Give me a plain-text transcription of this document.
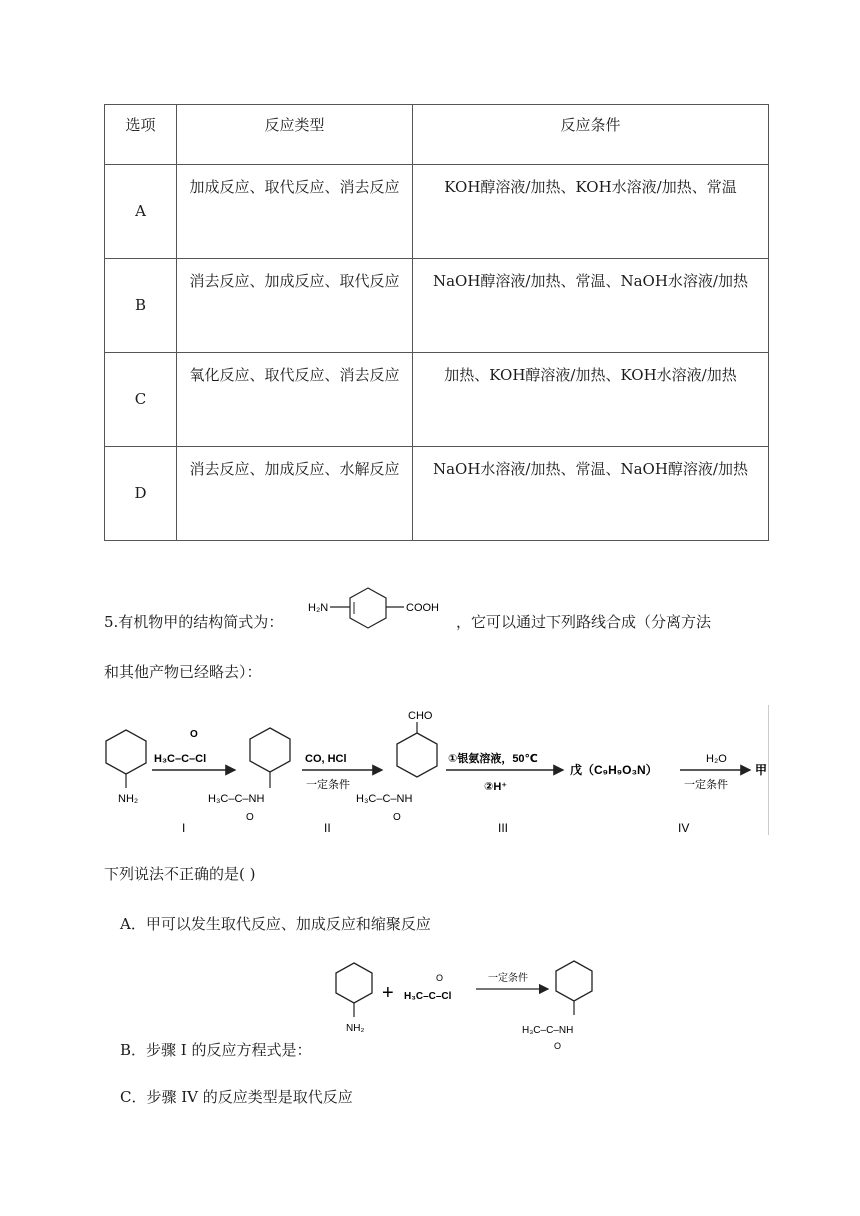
选项	反应类型	反应条件
A	加成反应、取代反应、消去反应	KOH醇溶液/加热、KOH水溶液/加热、常温
B	消去反应、加成反应、取代反应	NaOH醇溶液/加热、常温、NaOH水溶液/加热
C	氧化反应、取代反应、消去反应	加热、KOH醇溶液/加热、KOH水溶液/加热
D	消去反应、加成反应、水解反应	NaOH水溶液/加热、常温、NaOH醇溶液/加热
5.有机物甲的结构简式为：
H₂N	COOH
，它可以通过下列路线合成（分离方法
和其他产物已经略去）：
NH₂
O
H₃C–C–Cl
H₃C–C–NH
O
CO, HCl
一定条件
CHO
H₃C–C–NH
O
①银氨溶液，50℃
②H⁺
戊（C₉H₉O₃N）
H₂O
一定条件
甲
I	II	III	IV
下列说法不正确的是( )
A．甲可以发生取代反应、加成反应和缩聚反应
NH₂
+
O
H₃C–C–Cl
一定条件
H₃C–C–NH
O
B．步骤 I 的反应方程式是：
C．步骤 IV 的反应类型是取代反应
